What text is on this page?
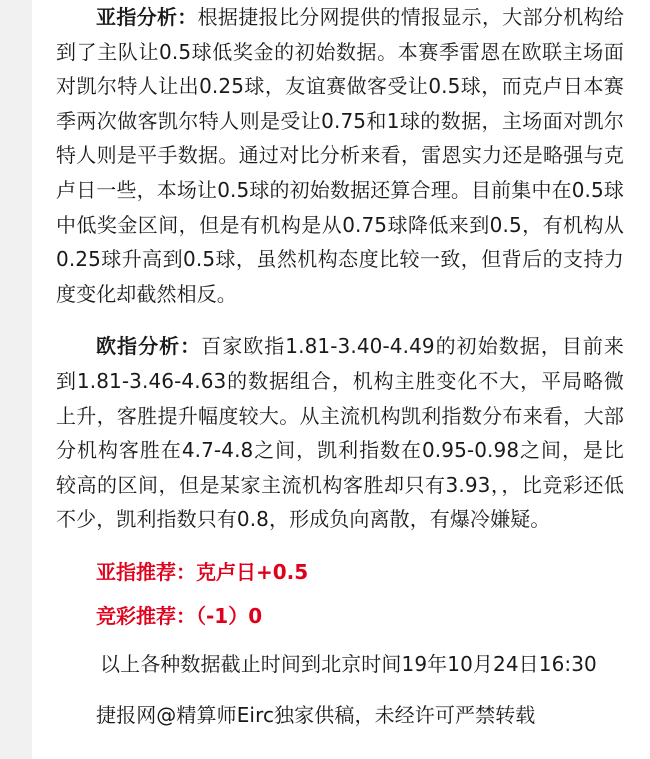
亚指分析：根据捷报比分网提供的情报显示，大部分机构给到了主队让0.5球低奖金的初始数据。本赛季雷恩在欧联主场面对凯尔特人让出0.25球，友谊赛做客受让0.5球，而克卢日本赛季两次做客凯尔特人则是受让0.75和1球的数据，主场面对凯尔特人则是平手数据。通过对比分析来看，雷恩实力还是略强与克卢日一些，本场让0.5球的初始数据还算合理。目前集中在0.5球中低奖金区间，但是有机构是从0.75球降低来到0.5，有机构从0.25球升高到0.5球，虽然机构态度比较一致，但背后的支持力度变化却截然相反。

欧指分析：百家欧指1.81-3.40-4.49的初始数据，目前来到1.81-3.46-4.63的数据组合，机构主胜变化不大，平局略微上升，客胜提升幅度较大。从主流机构凯利指数分布来看，大部分机构客胜在4.7-4.8之间，凯利指数在0.95-0.98之间，是比较高的区间，但是某家主流机构客胜却只有3.93，，比竞彩还低不少，凯利指数只有0.8，形成负向离散，有爆冷嫌疑。

亚指推荐：克卢日+0.5

竞彩推荐：（-1）0

以上各种数据截止时间到北京时间19年10月24日16:30

捷报网@精算师Eirc独家供稿，未经许可严禁转载
